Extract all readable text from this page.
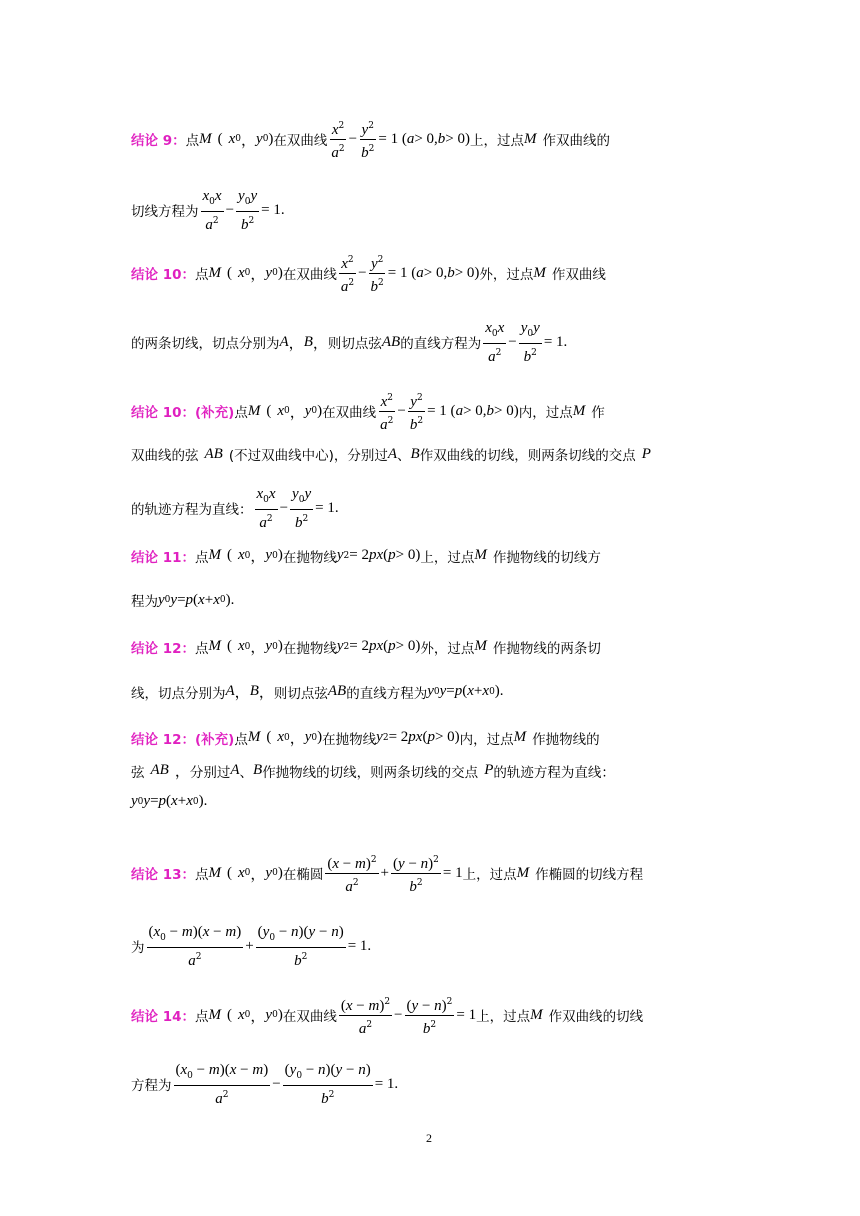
结论 9： 点 M ( x 0 ， y 0 ) 在双曲线 $\frac{x^2}{a^2} - \frac{y^2}{b^2} = 1$ ( a > 0, b > 0) 上，过点 M 作双曲线的
切线方程为 $\frac{x_0x}{a^2} - \frac{y_0y}{b^2} = 1$ .
结论 10： 点 M ( x 0 ， y 0 ) 在双曲线 $\frac{x^2}{a^2} - \frac{y^2}{b^2} = 1$ ( a > 0, b > 0) 外，过点 M 作双曲线
的两条切线，切点分别为 A ， B ， 则切点弦 AB 的直线方程为 $\frac{x_0x}{a^2} - \frac{y_0y}{b^2} = 1$ .
结论 10：(补充) 点 M ( x 0 ， y 0 ) 在双曲线 $\frac{x^2}{a^2} - \frac{y^2}{b^2} = 1$ ( a > 0, b > 0) 内，过点 M 作
双曲线的弦 AB (不过双曲线中心)，分别过 A 、 B 作双曲线的切线，则两条切线的交点 P
的轨迹方程为直线： $\frac{x_0x}{a^2} - \frac{y_0y}{b^2} = 1$ .
结论 11： 点 M ( x 0 ， y 0 ) 在抛物线 y 2 = 2 px ( p > 0) 上，过点 M 作抛物线的切线方
程为 y 0 y = p ( x + x 0 ) .
结论 12： 点 M ( x 0 ， y 0 ) 在抛物线 y 2 = 2 px ( p > 0) 外，过点 M 作抛物线的两条切
线，切点分别为 A ， B ， 则切点弦 AB 的直线方程为 y 0 y = p ( x + x 0 ) .
结论 12：(补充) 点 M ( x 0 ， y 0 ) 在抛物线 y 2 = 2 px ( p > 0) 内，过点 M 作抛物线的
弦 AB ， 分别过 A 、 B 作抛物线的切线，则两条切线的交点 P 的轨迹方程为直线：
y 0 y = p ( x + x 0 ) .
结论 13： 点 M ( x 0 ， y 0 ) 在椭圆 $\frac{(x - m)^2}{a^2} + \frac{(y - n)^2}{b^2} = 1$ 上，过点 M 作椭圆的切线方程
为 $\frac{(x_0 - m)(x - m)}{a^2} + \frac{(y_0 - n)(y - n)}{b^2} = 1$ .
结论 14： 点 M ( x 0 ， y 0 ) 在双曲线 $\frac{(x - m)^2}{a^2} - \frac{(y - n)^2}{b^2} = 1$ 上，过点 M 作双曲线的切线
方程为 $\frac{(x_0 - m)(x - m)}{a^2} - \frac{(y_0 - n)(y - n)}{b^2} = 1$ .
2
